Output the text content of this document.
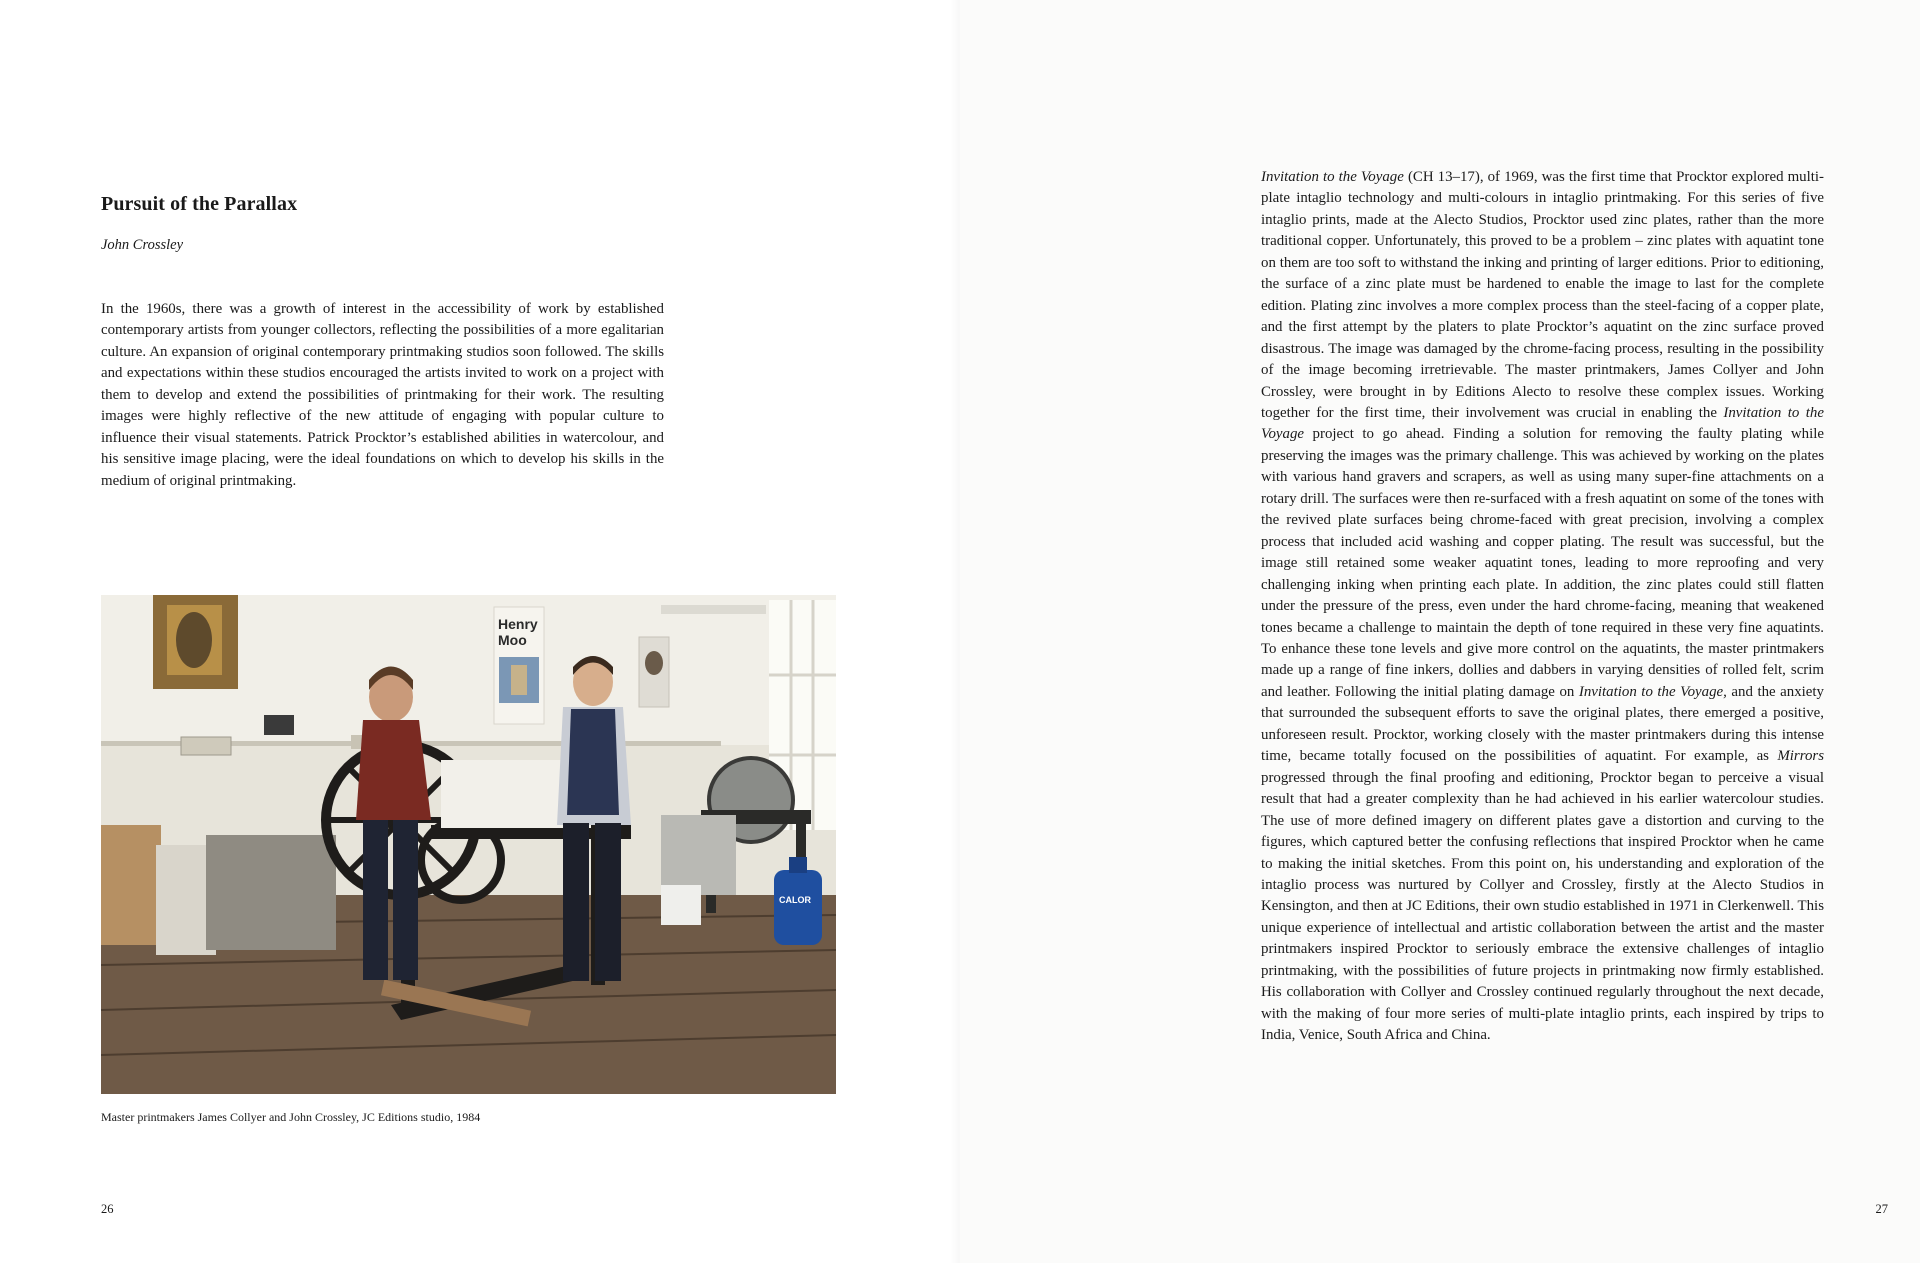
Pursuit of the Parallax

John Crossley

In the 1960s, there was a growth of interest in the accessibility of work by established contemporary artists from younger collectors, reflecting the possibilities of a more egalitarian culture. An expansion of original contemporary printmaking studios soon followed. The skills and expectations within these studios encouraged the artists invited to work on a project with them to develop and extend the possibilities of printmaking for their work. The resulting images were highly reflective of the new attitude of engaging with popular culture to influence their visual statements. Patrick Procktor’s established abilities in watercolour, and his sensitive image placing, were the ideal foundations on which to develop his skills in the medium of original printmaking.

Henry
Moo
CALOR

Master printmakers James Collyer and John Crossley, JC Editions studio, 1984

26

Invitation to the Voyage (CH 13–17), of 1969, was the first time that Procktor explored multi-plate intaglio technology and multi-colours in intaglio printmaking. For this series of five intaglio prints, made at the Alecto Studios, Procktor used zinc plates, rather than the more traditional copper. Unfortunately, this proved to be a problem – zinc plates with aquatint tone on them are too soft to withstand the inking and printing of larger editions. Prior to editioning, the surface of a zinc plate must be hardened to enable the image to last for the complete edition. Plating zinc involves a more complex process than the steel-facing of a copper plate, and the first attempt by the platers to plate Procktor’s aquatint on the zinc surface proved disastrous. The image was damaged by the chrome-facing process, resulting in the possibility of the image becoming irretrievable. The master printmakers, James Collyer and John Crossley, were brought in by Editions Alecto to resolve these complex issues. Working together for the first time, their involvement was crucial in enabling the Invitation to the Voyage project to go ahead. Finding a solution for removing the faulty plating while preserving the images was the primary challenge. This was achieved by working on the plates with various hand gravers and scrapers, as well as using many super-fine attachments on a rotary drill. The surfaces were then re-surfaced with a fresh aquatint on some of the tones with the revived plate surfaces being chrome-faced with great precision, involving a complex process that included acid washing and copper plating. The result was successful, but the image still retained some weaker aquatint tones, leading to more reproofing and very challenging inking when printing each plate. In addition, the zinc plates could still flatten under the pressure of the press, even under the hard chrome-facing, meaning that weakened tones became a challenge to maintain the depth of tone required in these very fine aquatints. To enhance these tone levels and give more control on the aquatints, the master printmakers made up a range of fine inkers, dollies and dabbers in varying densities of rolled felt, scrim and leather. Following the initial plating damage on Invitation to the Voyage, and the anxiety that surrounded the subsequent efforts to save the original plates, there emerged a positive, unforeseen result. Procktor, working closely with the master printmakers during this intense time, became totally focused on the possibilities of aquatint. For example, as Mirrors progressed through the final proofing and editioning, Procktor began to perceive a visual result that had a greater complexity than he had achieved in his earlier watercolour studies. The use of more defined imagery on different plates gave a distortion and curving to the figures, which captured better the confusing reflections that inspired Procktor when he came to making the initial sketches. From this point on, his understanding and exploration of the intaglio process was nurtured by Collyer and Crossley, firstly at the Alecto Studios in Kensington, and then at JC Editions, their own studio established in 1971 in Clerkenwell. This unique experience of intellectual and artistic collaboration between the artist and the master printmakers inspired Procktor to seriously embrace the extensive challenges of intaglio printmaking, with the possibilities of future projects in printmaking now firmly established. His collaboration with Collyer and Crossley continued regularly throughout the next decade, with the making of four more series of multi-plate intaglio prints, each inspired by trips to India, Venice, South Africa and China.

27
